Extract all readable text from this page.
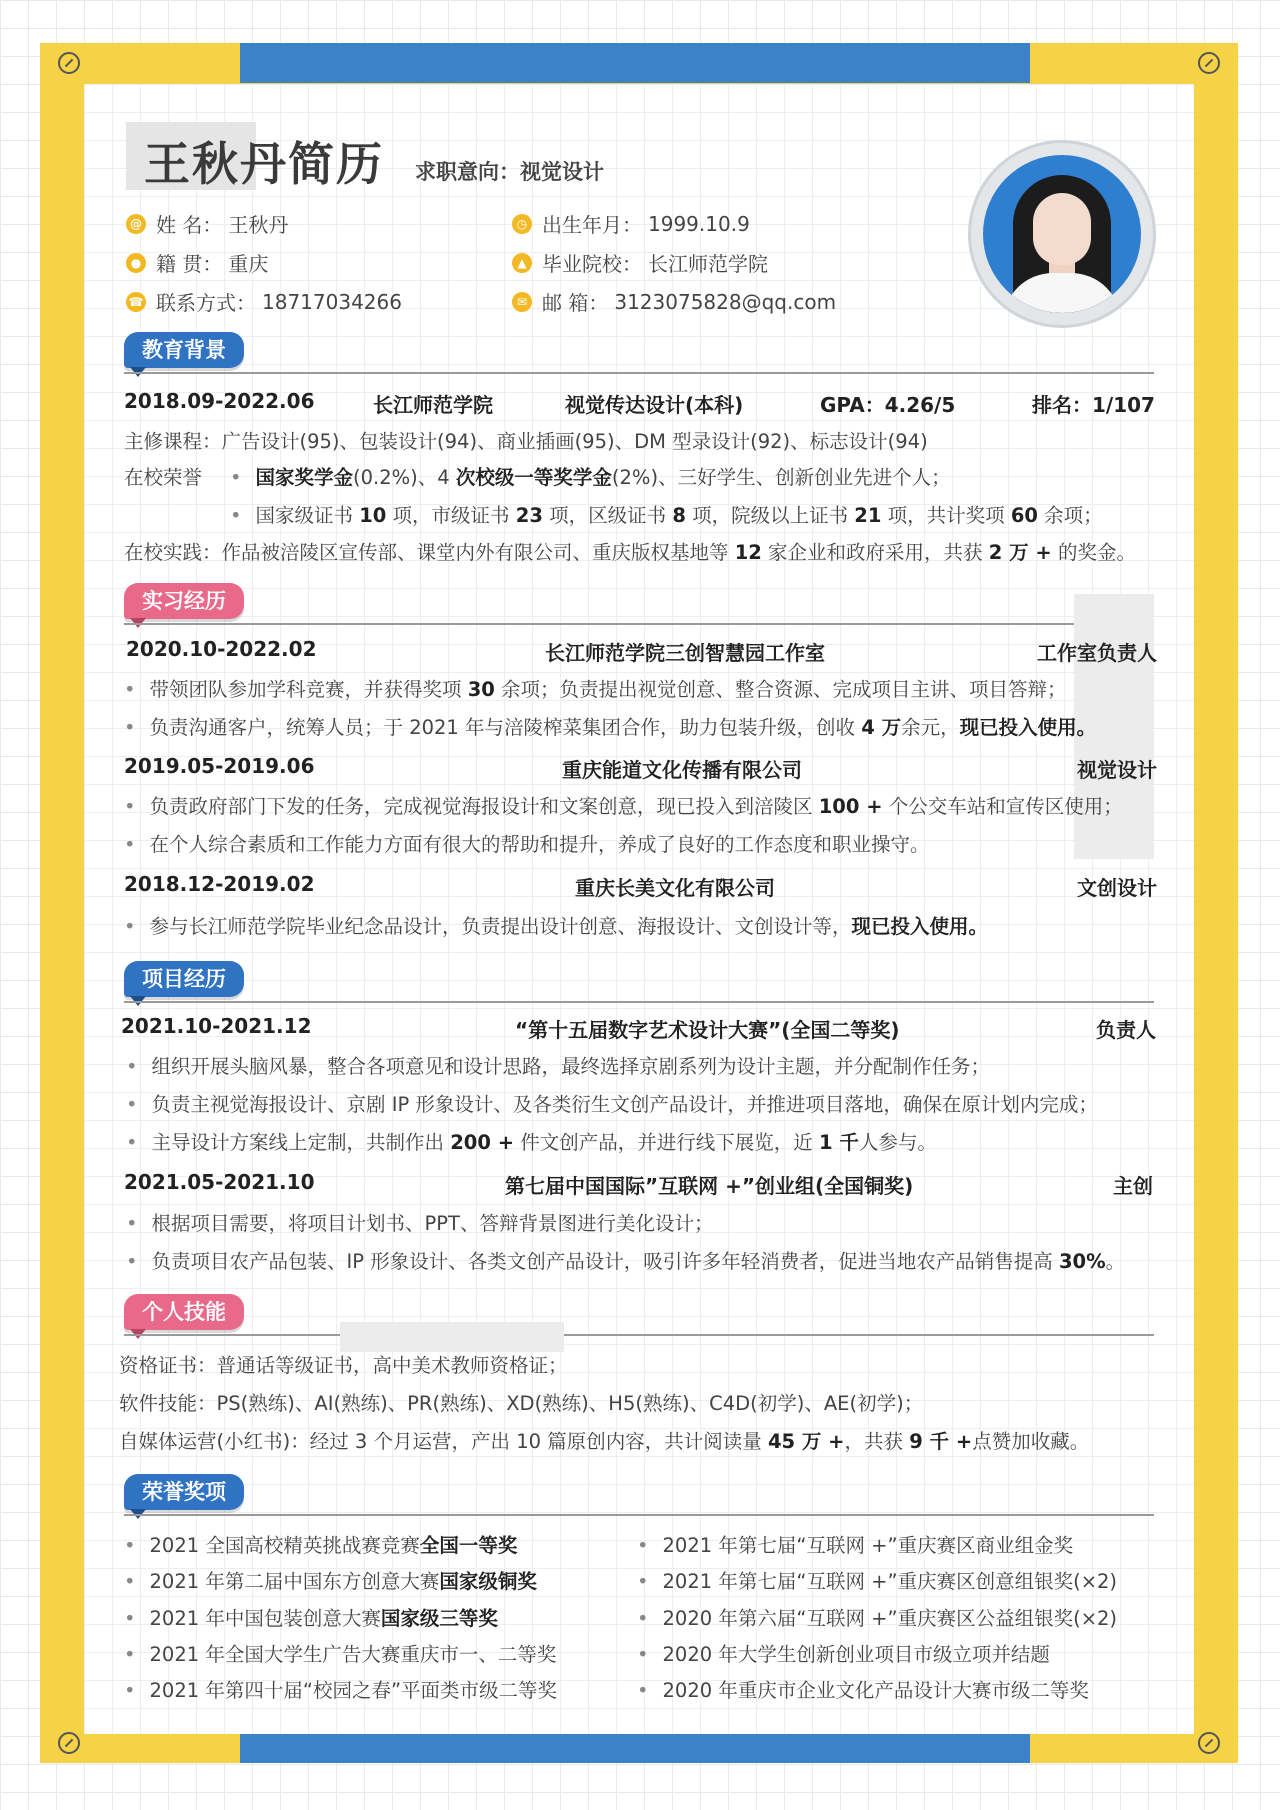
王秋丹简历 求职意向：视觉设计
@ 姓 名： 王秋丹
● 籍 贯： 重庆
☎ 联系方式： 18717034266
◷ 出生年月： 1999.10.9
▲ 毕业院校： 长江师范学院
✉ 邮 箱： 3123075828@qq.com
教育背景
2018.09-2022.06	长江师范学院	视觉传达设计(本科)	GPA：4.26/5	排名：1/107
主修课程：广告设计(95)、包装设计(94)、商业插画(95)、DM 型录设计(92)、标志设计(94)
在校荣誉 • 国家奖学金(0.2%)、4 次校级一等奖学金(2%)、三好学生、创新创业先进个人；
• 国家级证书 10 项，市级证书 23 项，区级证书 8 项，院级以上证书 21 项，共计奖项 60 余项；
在校实践：作品被涪陵区宣传部、课堂内外有限公司、重庆版权基地等 12 家企业和政府采用，共获 2 万 + 的奖金。
实习经历
2020.10-2022.02	长江师范学院三创智慧园工作室	工作室负责人
• 带领团队参加学科竞赛，并获得奖项 30 余项；负责提出视觉创意、整合资源、完成项目主讲、项目答辩；
• 负责沟通客户，统筹人员；于 2021 年与涪陵榨菜集团合作，助力包装升级，创收 4 万余元，现已投入使用。
2019.05-2019.06	重庆能道文化传播有限公司	视觉设计
• 负责政府部门下发的任务，完成视觉海报设计和文案创意，现已投入到涪陵区 100 + 个公交车站和宣传区使用；
• 在个人综合素质和工作能力方面有很大的帮助和提升，养成了良好的工作态度和职业操守。
2018.12-2019.02	重庆长美文化有限公司	文创设计
• 参与长江师范学院毕业纪念品设计，负责提出设计创意、海报设计、文创设计等，现已投入使用。
项目经历
2021.10-2021.12	“第十五届数字艺术设计大赛”(全国二等奖)	负责人
• 组织开展头脑风暴，整合各项意见和设计思路，最终选择京剧系列为设计主题，并分配制作任务；
• 负责主视觉海报设计、京剧 IP 形象设计、及各类衍生文创产品设计，并推进项目落地，确保在原计划内完成；
• 主导设计方案线上定制，共制作出 200 + 件文创产品，并进行线下展览，近 1 千人参与。
2021.05-2021.10	第七届中国国际”互联网 +”创业组(全国铜奖)	主创
• 根据项目需要，将项目计划书、PPT、答辩背景图进行美化设计；
• 负责项目农产品包装、IP 形象设计、各类文创产品设计，吸引许多年轻消费者，促进当地农产品销售提高 30%。
个人技能
资格证书：普通话等级证书，高中美术教师资格证；
软件技能：PS(熟练)、AI(熟练)、PR(熟练)、XD(熟练)、H5(熟练)、C4D(初学)、AE(初学)；
自媒体运营(小红书)：经过 3 个月运营，产出 10 篇原创内容，共计阅读量 45 万 +，共获 9 千 +点赞加收藏。
荣誉奖项
• 2021 全国高校精英挑战赛竞赛全国一等奖
• 2021 年第二届中国东方创意大赛国家级铜奖
• 2021 年中国包装创意大赛国家级三等奖
• 2021 年全国大学生广告大赛重庆市一、二等奖
• 2021 年第四十届“校园之春”平面类市级二等奖
• 2021 年第七届“互联网 +”重庆赛区商业组金奖
• 2021 年第七届“互联网 +”重庆赛区创意组银奖(×2)
• 2020 年第六届“互联网 +”重庆赛区公益组银奖(×2)
• 2020 年大学生创新创业项目市级立项并结题
• 2020 年重庆市企业文化产品设计大赛市级二等奖
